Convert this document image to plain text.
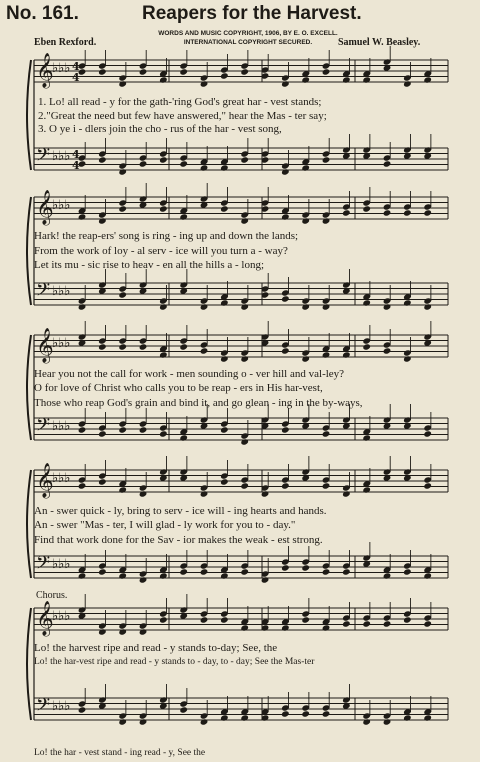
No. 161.	Reapers for the Harvest.
Eben Rexford.	Samuel W. Beasley.
WORDS AND MUSIC COPYRIGHT, 1906, BY E. O. EXCELL.
INTERNATIONAL COPYRIGHT SECURED.
𝄞
♭♭♭
𝄢 ♭♭♭
𝄞
♭♭♭
𝄢 ♭♭♭
𝄞
♭♭♭
𝄢 ♭♭♭
𝄞
♭♭♭
𝄢 ♭♭♭
𝄞
♭♭♭
𝄢 ♭♭♭
4
4
4
4
1. Lo! all read - y for the gath-'ring God's great har - vest stands;
2."Great the need but few have answered," hear the Mas - ter say;
3. O ye i - dlers join the cho - rus of the har - vest song,
Hark! the reap-ers' song is ring - ing up and down the lands;
From the work of loy - al serv - ice will you turn a - way?
Let its mu - sic rise to heav - en all the hills a - long;
Hear you not the call for work - men sounding o - ver hill and val-ley?
O for love of Christ who calls you to be reap - ers in His har-vest,
Those who reap God's grain and bind it, and go glean - ing in the by-ways,
An - swer quick - ly, bring to serv - ice will - ing hearts and hands.
An - swer "Mas - ter, I will glad - ly work for you to - day."
Find that work done for the Sav - ior makes the weak - est strong.
Chorus.
Lo! the harvest ripe and read - y stands to-day; See, the
Lo! the har-vest ripe and read - y stands to - day, to - day; See the Mas-ter
Lo! the har - vest stand - ing read - y, See the
